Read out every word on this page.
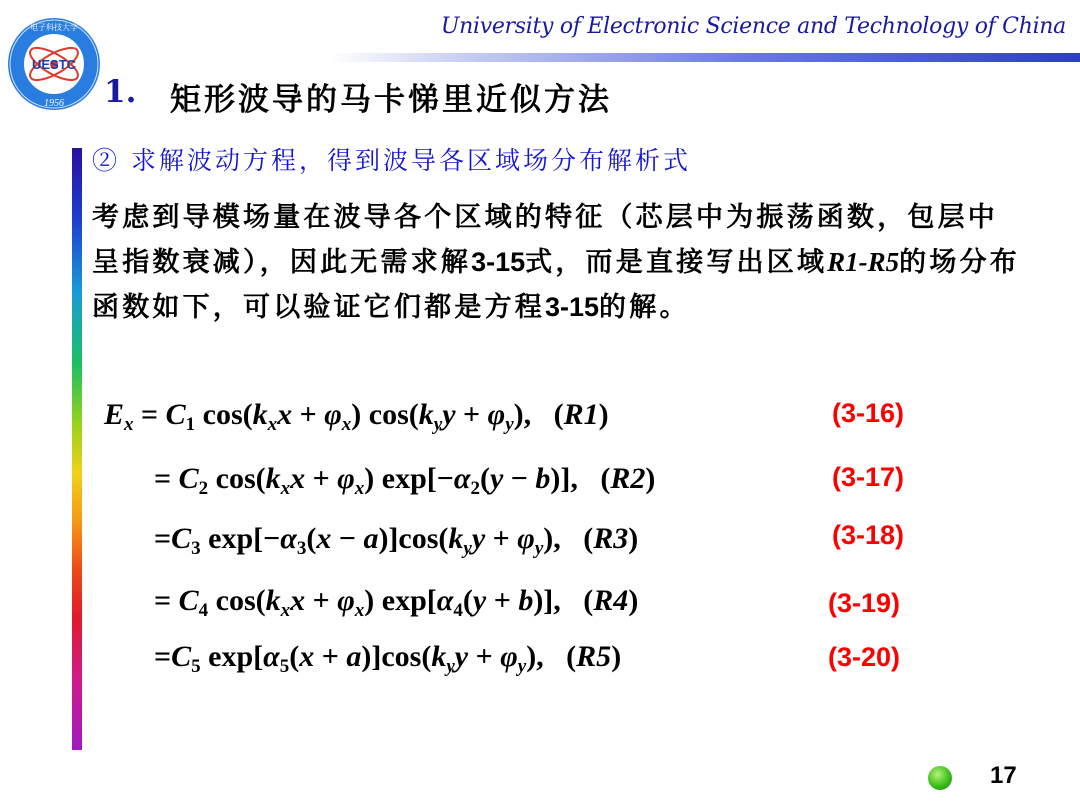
UESTC
1956
电子科技大学	University of Electronic Science and Technology of China
1. 矩形波导的马卡悌里近似方法
② 求解波动方程，得到波导各区域场分布解析式
考虑到导模场量在波导各个区域的特征（芯层中为振荡函数，包层中呈指数衰减），因此无需求解3-15式，而是直接写出区域R1-R5的场分布函数如下，可以验证它们都是方程3-15的解。
$E_x = C_1$ $\cos(k_xx + \varphi_x) \cos(k_yy + \varphi_y)$,   (R1)	(3-16)
= $C_2$ $\cos(k_xx + \varphi_x) \exp[-\alpha_2(y - b)]$,   (R2)	(3-17)
$=C_3$ $\exp[-\alpha_3(x - a)]\cos(k_yy + \varphi_y)$,   (R3)	(3-18)
= $C_4$ $\cos(k_xx + \varphi_x) \exp[\alpha_4(y + b)]$,   (R4)	(3-19)
$=C_5$ $\exp[\alpha_5(x + a)]\cos(k_yy + \varphi_y)$,   (R5)	(3-20)
17
